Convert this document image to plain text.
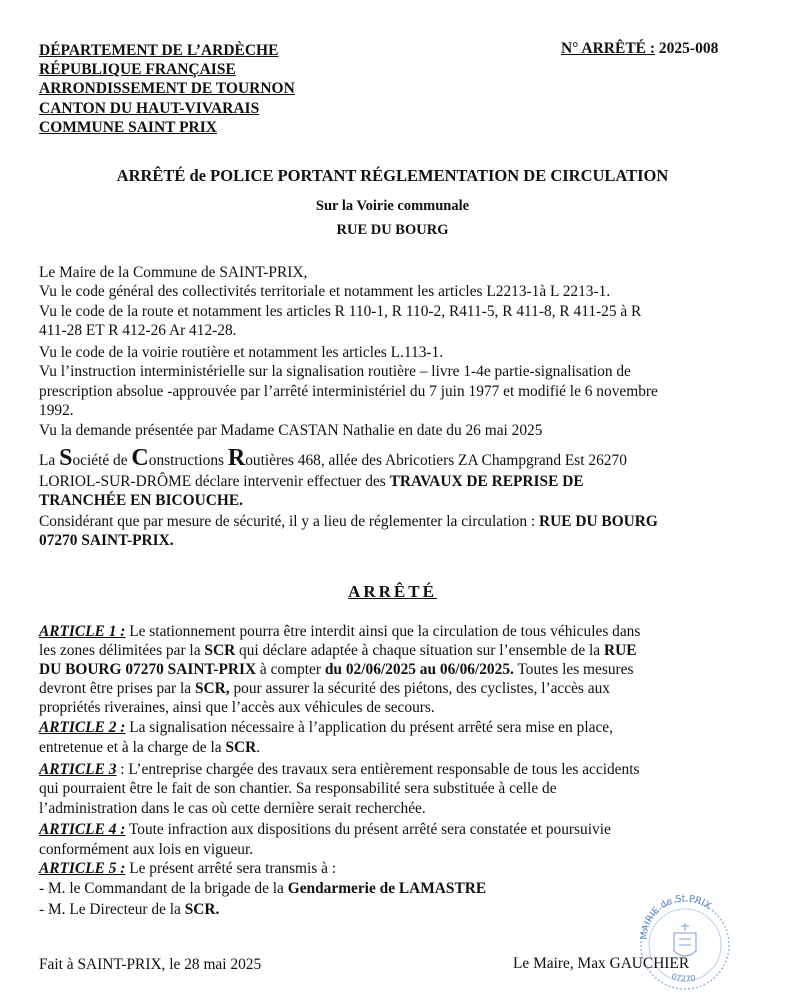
DÉPARTEMENT DE L’ARDÈCHE
RÉPUBLIQUE FRANÇAISE
ARRONDISSEMENT DE TOURNON
CANTON DU HAUT-VIVARAIS
COMMUNE SAINT PRIX
N° ARRÊTÉ : 2025-008
ARRÊTÉ de POLICE PORTANT RÉGLEMENTATION DE CIRCULATION
Sur la Voirie communale
RUE DU BOURG
Le Maire de la Commune de SAINT-PRIX,
Vu le code général des collectivités territoriale et notamment les articles L2213-1à L 2213-1.
Vu le code de la route et notamment les articles R 110-1, R 110-2, R411-5, R 411-8, R 411-25 à R
411-28 ET R 412-26 Ar 412-28.
Vu le code de la voirie routière et notamment les articles L.113-1.
Vu l’instruction interministérielle sur la signalisation routière – livre 1-4e partie-signalisation de
prescription absolue -approuvée par l’arrêté interministériel du 7 juin 1977 et modifié le 6 novembre
1992.
Vu la demande présentée par Madame CASTAN Nathalie en date du 26 mai 2025
La Société de Constructions Routières 468, allée des Abricotiers ZA Champgrand Est 26270
LORIOL-SUR-DRÔME déclare intervenir effectuer des TRAVAUX DE REPRISE DE
TRANCHÉE EN BICOUCHE.
Considérant que par mesure de sécurité, il y a lieu de réglementer la circulation : RUE DU BOURG
07270 SAINT-PRIX.
ARRÊTÉ
ARTICLE 1 : Le stationnement pourra être interdit ainsi que la circulation de tous véhicules dans
les zones délimitées par la SCR qui déclare adaptée à chaque situation sur l’ensemble de la RUE
DU BOURG 07270 SAINT-PRIX à compter du 02/06/2025 au 06/06/2025. Toutes les mesures
devront être prises par la SCR, pour assurer la sécurité des piétons, des cyclistes, l’accès aux
propriétés riveraines, ainsi que l’accès aux véhicules de secours.
ARTICLE 2 : La signalisation nécessaire à l’application du présent arrêté sera mise en place,
entretenue et à la charge de la SCR.
ARTICLE 3 : L’entreprise chargée des travaux sera entièrement responsable de tous les accidents
qui pourraient être le fait de son chantier. Sa responsabilité sera substituée à celle de
l’administration dans le cas où cette dernière serait recherchée.
ARTICLE 4 : Toute infraction aux dispositions du présent arrêté sera constatée et poursuivie
conformément aux lois en vigueur.
ARTICLE 5 : Le présent arrêté sera transmis à :
- M. le Commandant de la brigade de la Gendarmerie de LAMASTRE
- M. Le Directeur de la SCR.
MAIRIE de St PRIX
07270
Fait à SAINT-PRIX, le 28 mai 2025	Le Maire, Max GAUCHIER
